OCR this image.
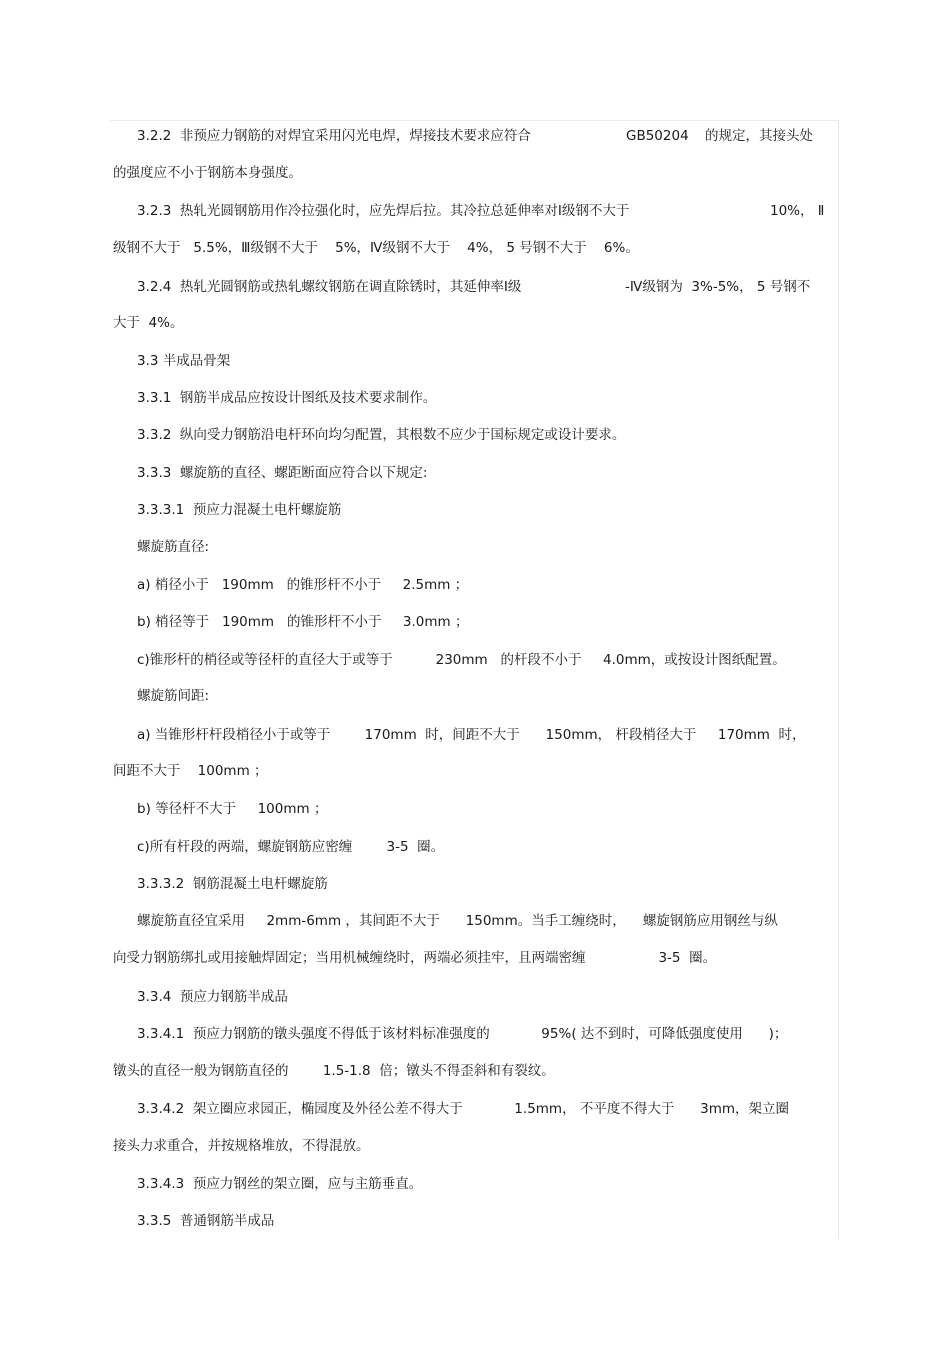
3.2.2  非预应力钢筋的对焊宜采用闪光电焊，焊接技术要求应符合	GB50204 的规定，其接头处
的强度应不小于钢筋本身强度。
3.2.3  热轧光圆钢筋用作冷拉强化时，应先焊后拉。其冷拉总延伸率对Ⅰ级钢不大于	10%， Ⅱ
级钢不大于   5.5%，Ⅲ级钢不大于    5%，Ⅳ级钢不大于    4%， 5 号钢不大于    6%。
3.2.4  热轧光圆钢筋或热轧螺纹钢筋在调直除锈时，其延伸率Ⅰ级	-Ⅳ级钢为  3%-5%， 5 号钢不
大于  4%。
3.3 半成品骨架
3.3.1  钢筋半成品应按设计图纸及技术要求制作。
3.3.2  纵向受力钢筋沿电杆环向均匀配置，其根数不应少于国标规定或设计要求。
3.3.3  螺旋筋的直径、螺距断面应符合以下规定:
3.3.3.1  预应力混凝土电杆螺旋筋
螺旋筋直径:
a) 梢径小于   190mm   的锥形杆不小于     2.5mm ；
b) 梢径等于   190mm   的锥形杆不小于     3.0mm ；
c)锥形杆的梢径或等径杆的直径大于或等于          230mm   的杆段不小于     4.0mm，或按设计图纸配置。
螺旋筋间距:
a) 当锥形杆杆段梢径小于或等于        170mm  时，间距不大于      150mm， 杆段梢径大于     170mm  时，
间距不大于    100mm ；
b) 等径杆不大于     100mm ；
c)所有杆段的两端，螺旋钢筋应密缠        3-5  圈。
3.3.3.2  钢筋混凝土电杆螺旋筋
螺旋筋直径宜采用     2mm-6mm ，其间距不大于      150mm。当手工缠绕时，    螺旋钢筋应用钢丝与纵
向受力钢筋绑扎或用接触焊固定；当用机械缠绕时，两端必须挂牢，且两端密缠                 3-5  圈。
3.3.4  预应力钢筋半成品
3.3.4.1  预应力钢筋的镦头强度不得低于该材料标准强度的            95%( 达不到时，可降低强度使用      )；
镦头的直径一般为钢筋直径的        1.5-1.8  倍；镦头不得歪斜和有裂纹。
3.3.4.2  架立圈应求园正，椭园度及外径公差不得大于            1.5mm， 不平度不得大于      3mm，架立圈
接头力求重合，并按规格堆放，不得混放。
3.3.4.3  预应力钢丝的架立圈，应与主筋垂直。
3.3.5  普通钢筋半成品
